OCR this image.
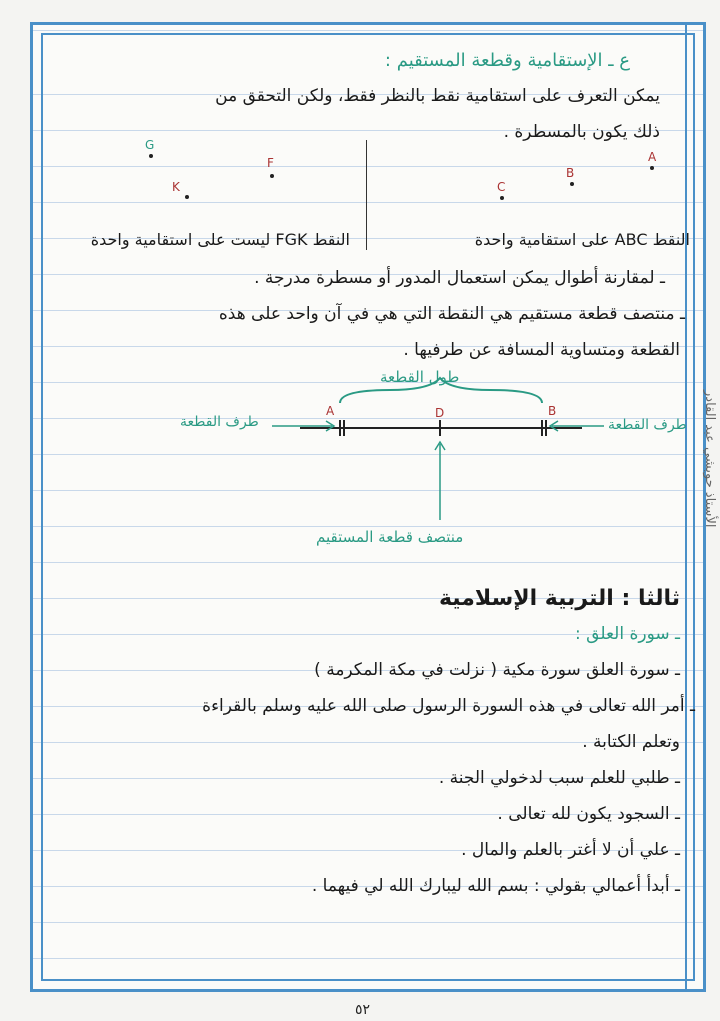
ع ـ الإستقامية وقطعة المستقيم :
يمكن التعرف على استقامية نقط بالنظر فقط، ولكن التحقق من
ذلك يكون بالمسطرة .
G
F
K
A
B
C
النقط ABC على استقامية واحدة
النقط FGK ليست على استقامية واحدة
ـ لمقارنة أطوال يمكن استعمال المدور أو مسطرة مدرجة .
ـ منتصف قطعة مستقيم هي النقطة التي هي في آن واحد على هذه
القطعة ومتساوية المسافة عن طرفيها .
طول القطعة
A	D	B
طرف القطعة
طرف القطعة
منتصف قطعة المستقيم
ثالثا : التربية الإسلامية
ـ سورة العلق :
ـ سورة العلق سورة مكية ( نزلت في مكة المكرمة )
ـ أمر الله تعالى في هذه السورة الرسول صلى الله عليه وسلم بالقراءة
وتعلم الكتابة .
ـ طلبي للعلم سبب لدخولي الجنة .
ـ السجود يكون لله تعالى .
ـ علي أن لا أغتر بالعلم والمال .
ـ أبدأ أعمالي بقولي : بسم الله ليبارك الله لي فيهما .
الأستاذ حويشي عبد القادر
٥٢
